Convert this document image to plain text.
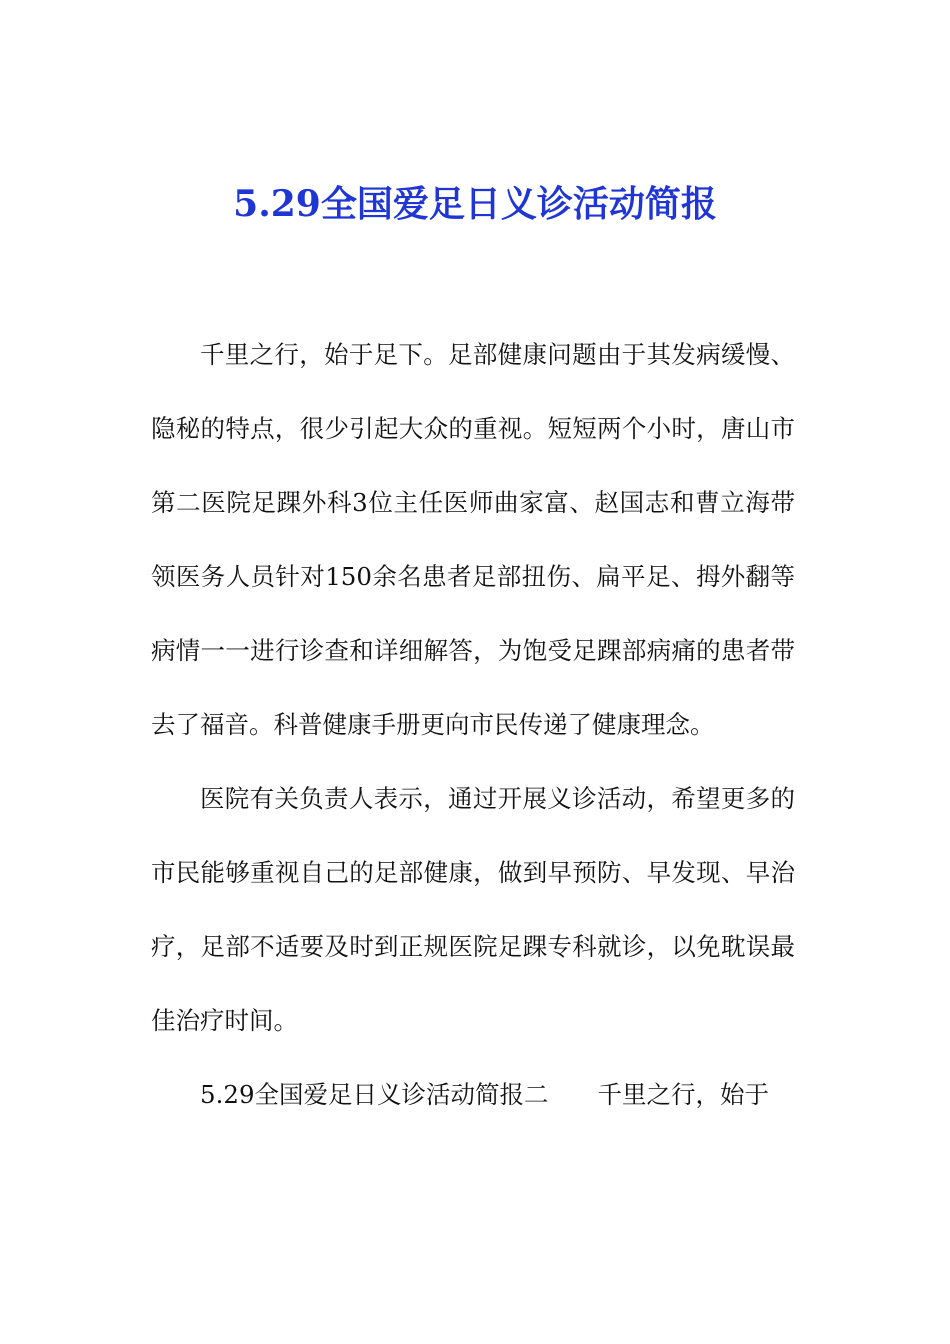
5.29全国爱足日义诊活动简报

千里之行，始于足下。足部健康问题由于其发病缓慢、隐秘的特点，很少引起大众的重视。短短两个小时，唐山市第二医院足踝外科3位主任医师曲家富、赵国志和曹立海带领医务人员针对150余名患者足部扭伤、扁平足、拇外翻等病情一一进行诊查和详细解答，为饱受足踝部病痛的患者带去了福音。科普健康手册更向市民传递了健康理念。

医院有关负责人表示，通过开展义诊活动，希望更多的市民能够重视自己的足部健康，做到早预防、早发现、早治疗，足部不适要及时到正规医院足踝专科就诊，以免耽误最佳治疗时间。

5.29全国爱足日义诊活动简报二　　千里之行，始于
